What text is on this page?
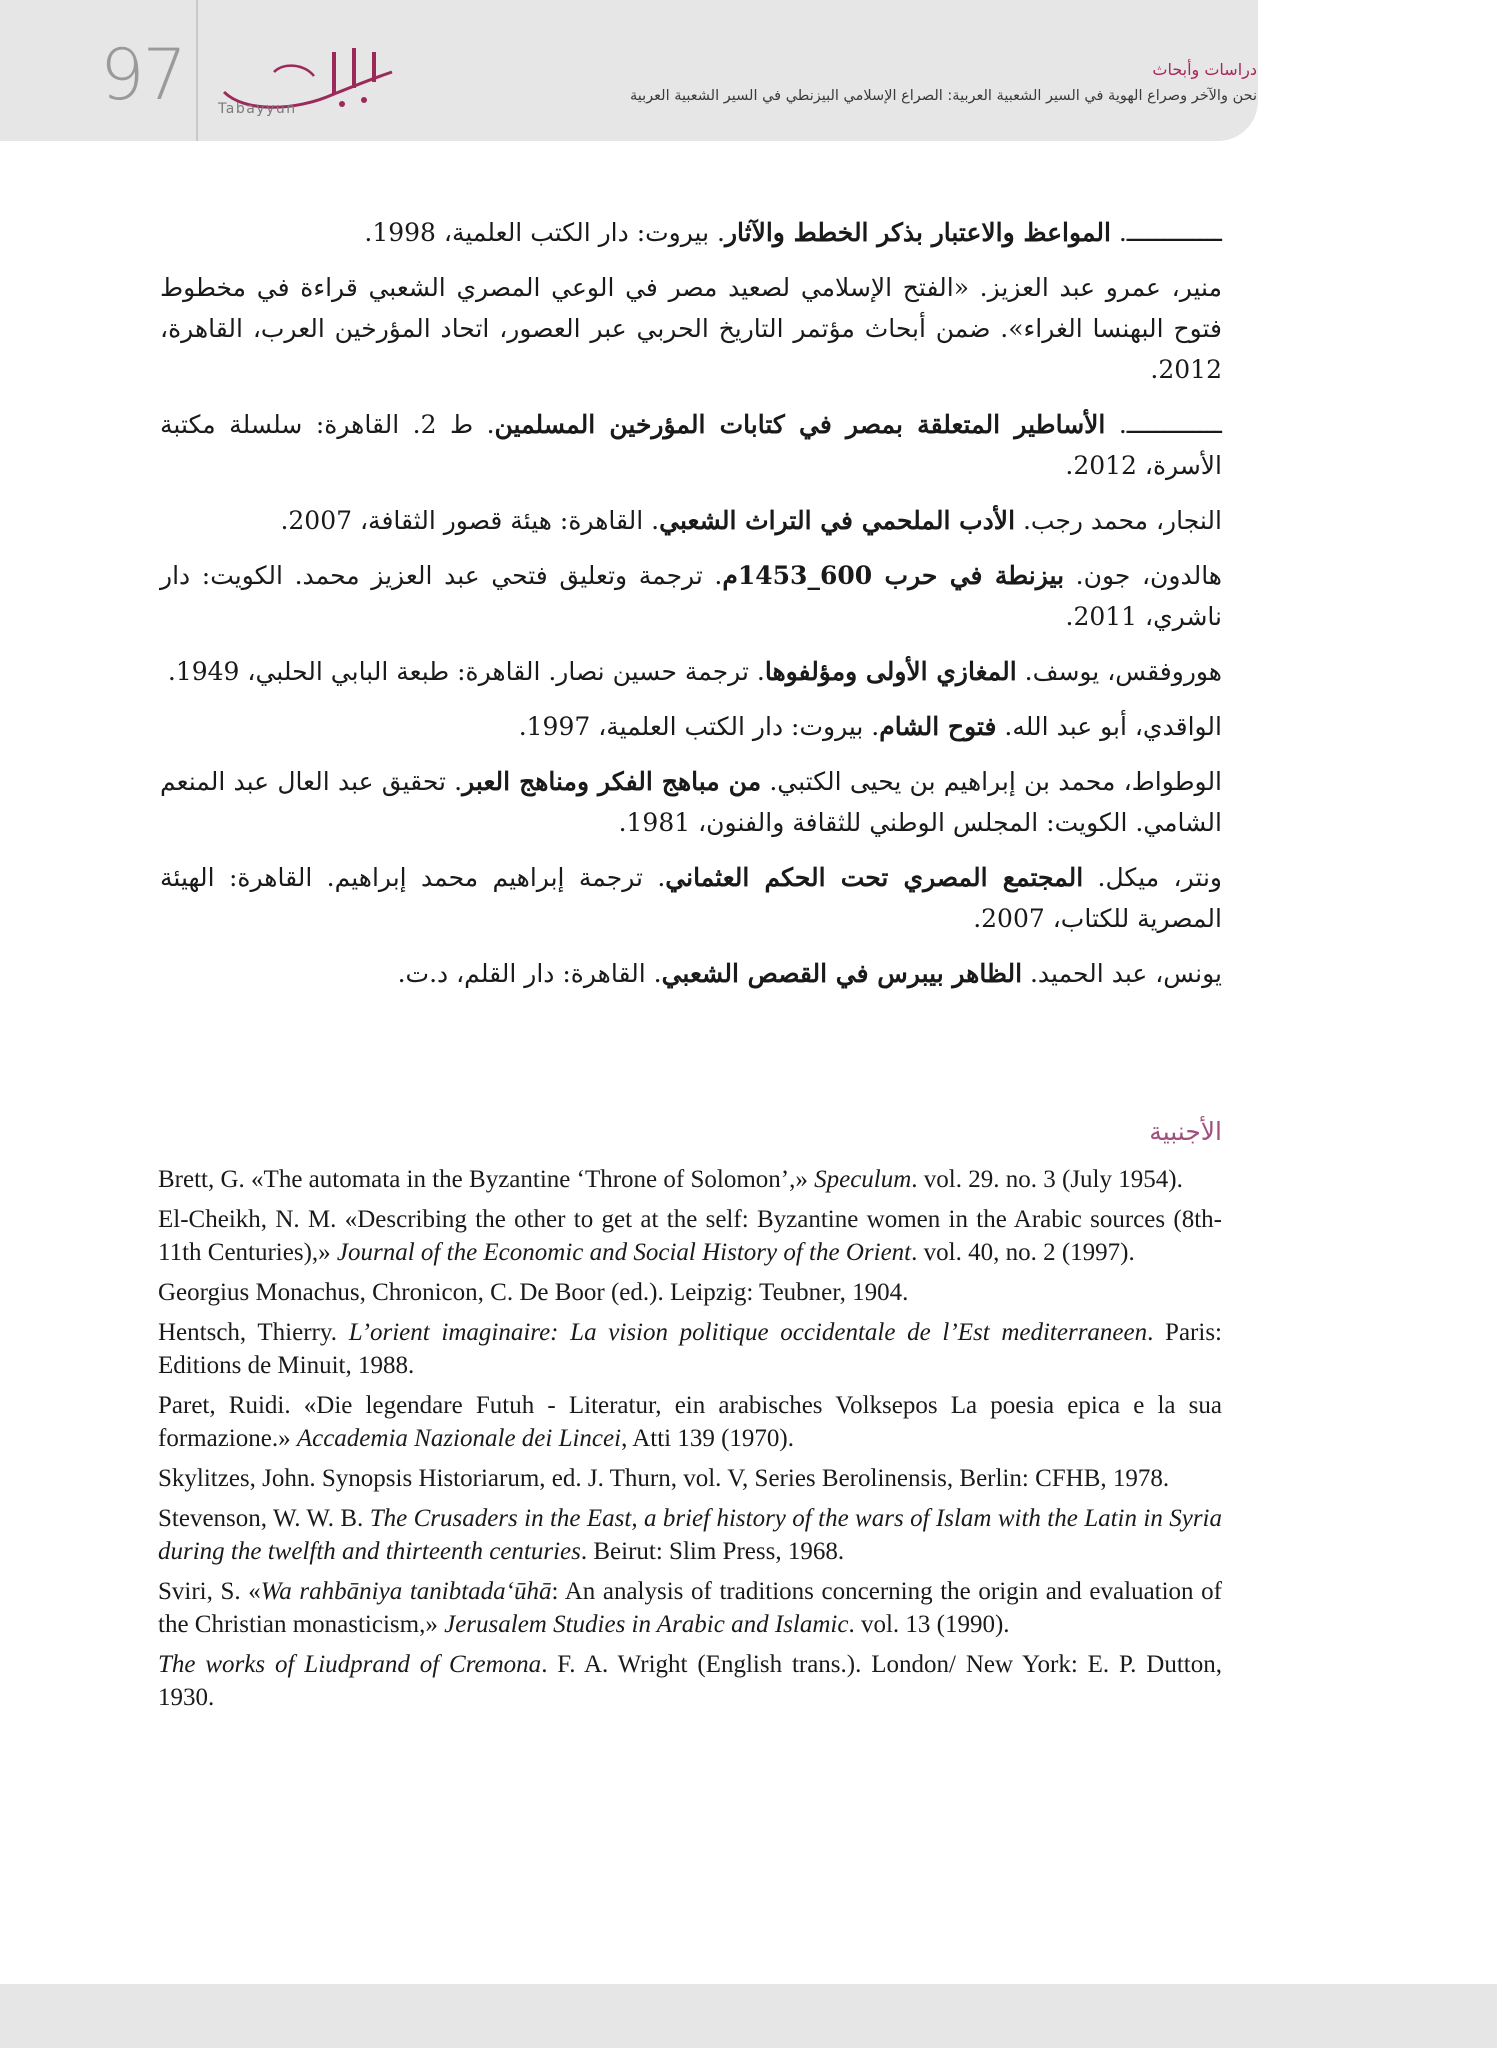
97 Tabayyun
دراسات وأبحاث
نحن والآخر وصراع الهوية في السير الشعبية العربية: الصراع الإسلامي البيزنطي في السير الشعبية العربية

ـــــــــــــ. المواعظ والاعتبار بذكر الخطط والآثار. بيروت: دار الكتب العلمية، 1998.

منير، عمرو عبد العزيز. «الفتح الإسلامي لصعيد مصر في الوعي المصري الشعبي قراءة في مخطوط فتوح البهنسا الغراء». ضمن أبحاث مؤتمر التاريخ الحربي عبر العصور، اتحاد المؤرخين العرب، القاهرة، 2012.

ـــــــــــــ. الأساطير المتعلقة بمصر في كتابات المؤرخين المسلمين. ط 2. القاهرة: سلسلة مكتبة الأسرة، 2012.

النجار، محمد رجب. الأدب الملحمي في التراث الشعبي. القاهرة: هيئة قصور الثقافة، 2007.

هالدون، جون. بيزنطة في حرب 600_1453م. ترجمة وتعليق فتحي عبد العزيز محمد. الكويت: دار ناشري، 2011.

هوروفقس، يوسف. المغازي الأولى ومؤلفوها. ترجمة حسين نصار. القاهرة: طبعة البابي الحلبي، 1949.

الواقدي، أبو عبد الله. فتوح الشام. بيروت: دار الكتب العلمية، 1997.

الوطواط، محمد بن إبراهيم بن يحيى الكتبي. من مباهج الفكر ومناهج العبر. تحقيق عبد العال عبد المنعم الشامي. الكويت: المجلس الوطني للثقافة والفنون، 1981.

ونتر، ميكل. المجتمع المصري تحت الحكم العثماني. ترجمة إبراهيم محمد إبراهيم. القاهرة: الهيئة المصرية للكتاب، 2007.

يونس، عبد الحميد. الظاهر بيبرس في القصص الشعبي. القاهرة: دار القلم، د.ت.

الأجنبية

Brett, G. «The automata in the Byzantine ‘Throne of Solomon’,» Speculum. vol. 29. no. 3 (July 1954).

El-Cheikh, N. M. «Describing the other to get at the self: Byzantine women in the Arabic sources (8th-11th Centuries),» Journal of the Economic and Social History of the Orient. vol. 40, no. 2 (1997).

Georgius Monachus, Chronicon, C. De Boor (ed.). Leipzig: Teubner, 1904.

Hentsch, Thierry. L’orient imaginaire: La vision politique occidentale de l’Est mediterraneen. Paris: Editions de Minuit, 1988.

Paret, Ruidi. «Die legendare Futuh - Literatur, ein arabisches Volksepos La poesia epica e la sua formazione.» Accademia Nazionale dei Lincei, Atti 139 (1970).

Skylitzes, John. Synopsis Historiarum, ed. J. Thurn, vol. V, Series Berolinensis, Berlin: CFHB, 1978.

Stevenson, W. W. B. The Crusaders in the East, a brief history of the wars of Islam with the Latin in Syria during the twelfth and thirteenth centuries. Beirut: Slim Press, 1968.

Sviri, S. «Wa rahbāniya tanibtada‘ūhā: An analysis of traditions concerning the origin and evaluation of the Christian monasticism,» Jerusalem Studies in Arabic and Islamic. vol. 13 (1990).

The works of Liudprand of Cremona. F. A. Wright (English trans.). London/ New York: E. P. Dutton, 1930.
